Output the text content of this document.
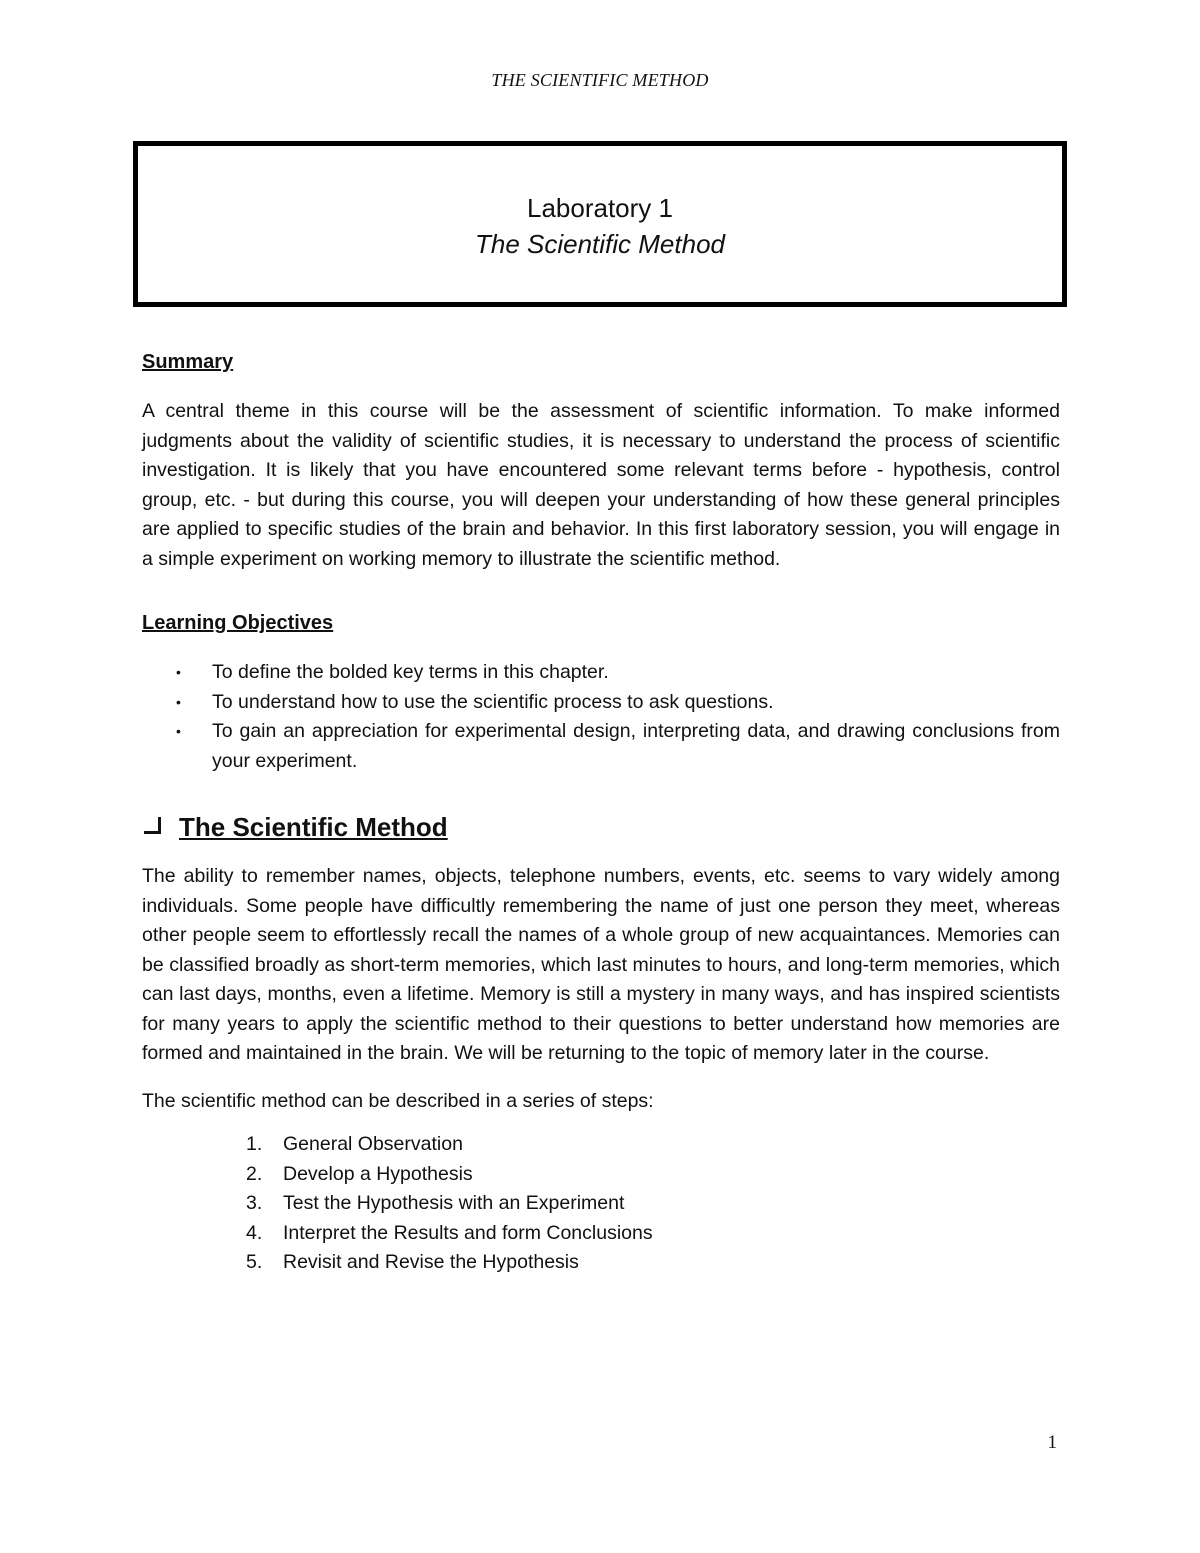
THE SCIENTIFIC METHOD
Laboratory 1
The Scientific Method
Summary

A central theme in this course will be the assessment of scientific information. To make informed judgments about the validity of scientific studies, it is necessary to understand the process of scientific investigation. It is likely that you have encountered some relevant terms before - hypothesis, control group, etc. - but during this course, you will deepen your understanding of how these general principles are applied to specific studies of the brain and behavior. In this first laboratory session, you will engage in a simple experiment on working memory to illustrate the scientific method.

Learning Objectives
• To define the bolded key terms in this chapter.
• To understand how to use the scientific process to ask questions.
• To gain an appreciation for experimental design, interpreting data, and drawing conclusions from your experiment.
The Scientific Method

The ability to remember names, objects, telephone numbers, events, etc. seems to vary widely among individuals. Some people have difficultly remembering the name of just one person they meet, whereas other people seem to effortlessly recall the names of a whole group of new acquaintances. Memories can be classified broadly as short-term memories, which last minutes to hours, and long-term memories, which can last days, months, even a lifetime. Memory is still a mystery in many ways, and has inspired scientists for many years to apply the scientific method to their questions to better understand how memories are formed and maintained in the brain. We will be returning to the topic of memory later in the course.

The scientific method can be described in a series of steps:

1. General Observation
2. Develop a Hypothesis
3. Test the Hypothesis with an Experiment
4. Interpret the Results and form Conclusions
5. Revisit and Revise the Hypothesis
1
